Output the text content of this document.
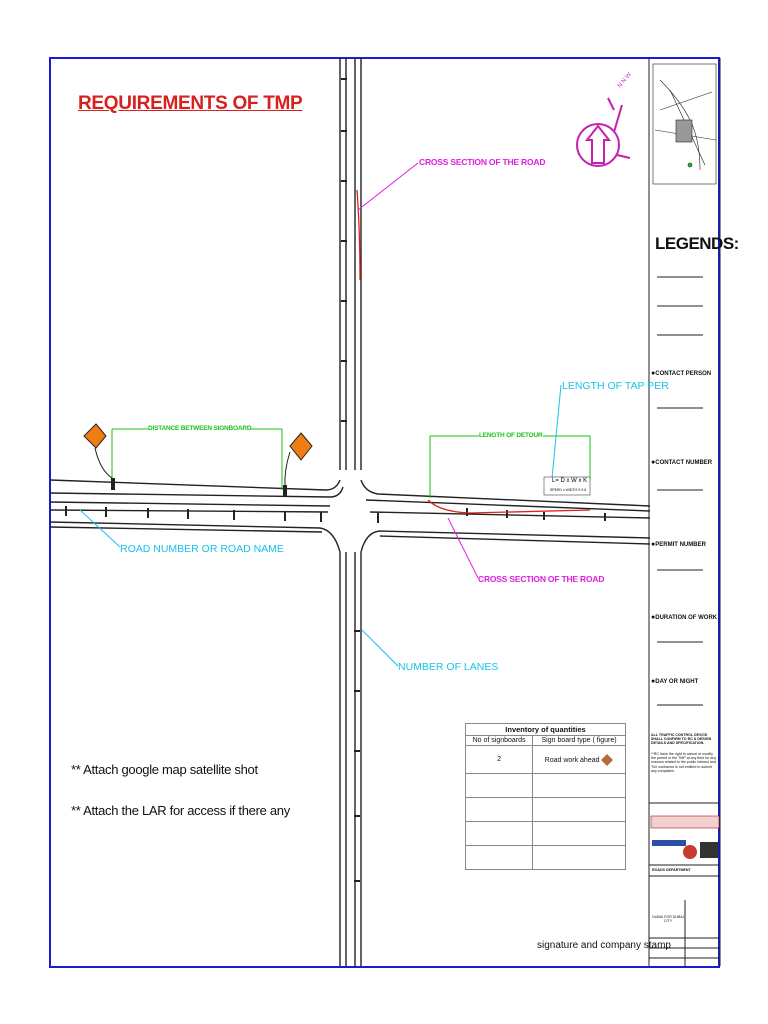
N N W
REQUIREMENTS OF TMP
CROSS SECTION OF THE ROAD
CROSS SECTION OF THE ROAD
DISTANCE BETWEEN SIGNBOARD
LENGTH OF DETOUR
LENGTH OF TAP PER
L= D x W x K
SPEED x WIDTH X 0.6
ROAD NUMBER OR ROAD NAME
NUMBER OF LANES
** Attach google map satellite shot
** Attach the LAR for access if there any
Inventory of quantities	
No of signboards	Sign board type ( figure)
2	Road work ahead

signature and company stamp
LEGENDS:
● CONTACT PERSON
● CONTACT NUMBER
● PERMIT NUMBER
● DURATION OF WORK
● DAY OR NIGHT
ALL TRAFFIC CONTROL DEVICE SHALL CONFIRM TO RC & DESIGN DETAILS AND SPECIFICATION.
**RC have the right to cancel or modify the permit or the TMP at any time for any reasons related to the public interest and The contractor is not entitled to submit any complains.
ROADS DEPARTMENT
DUBAI FOR DUBAI CITY
